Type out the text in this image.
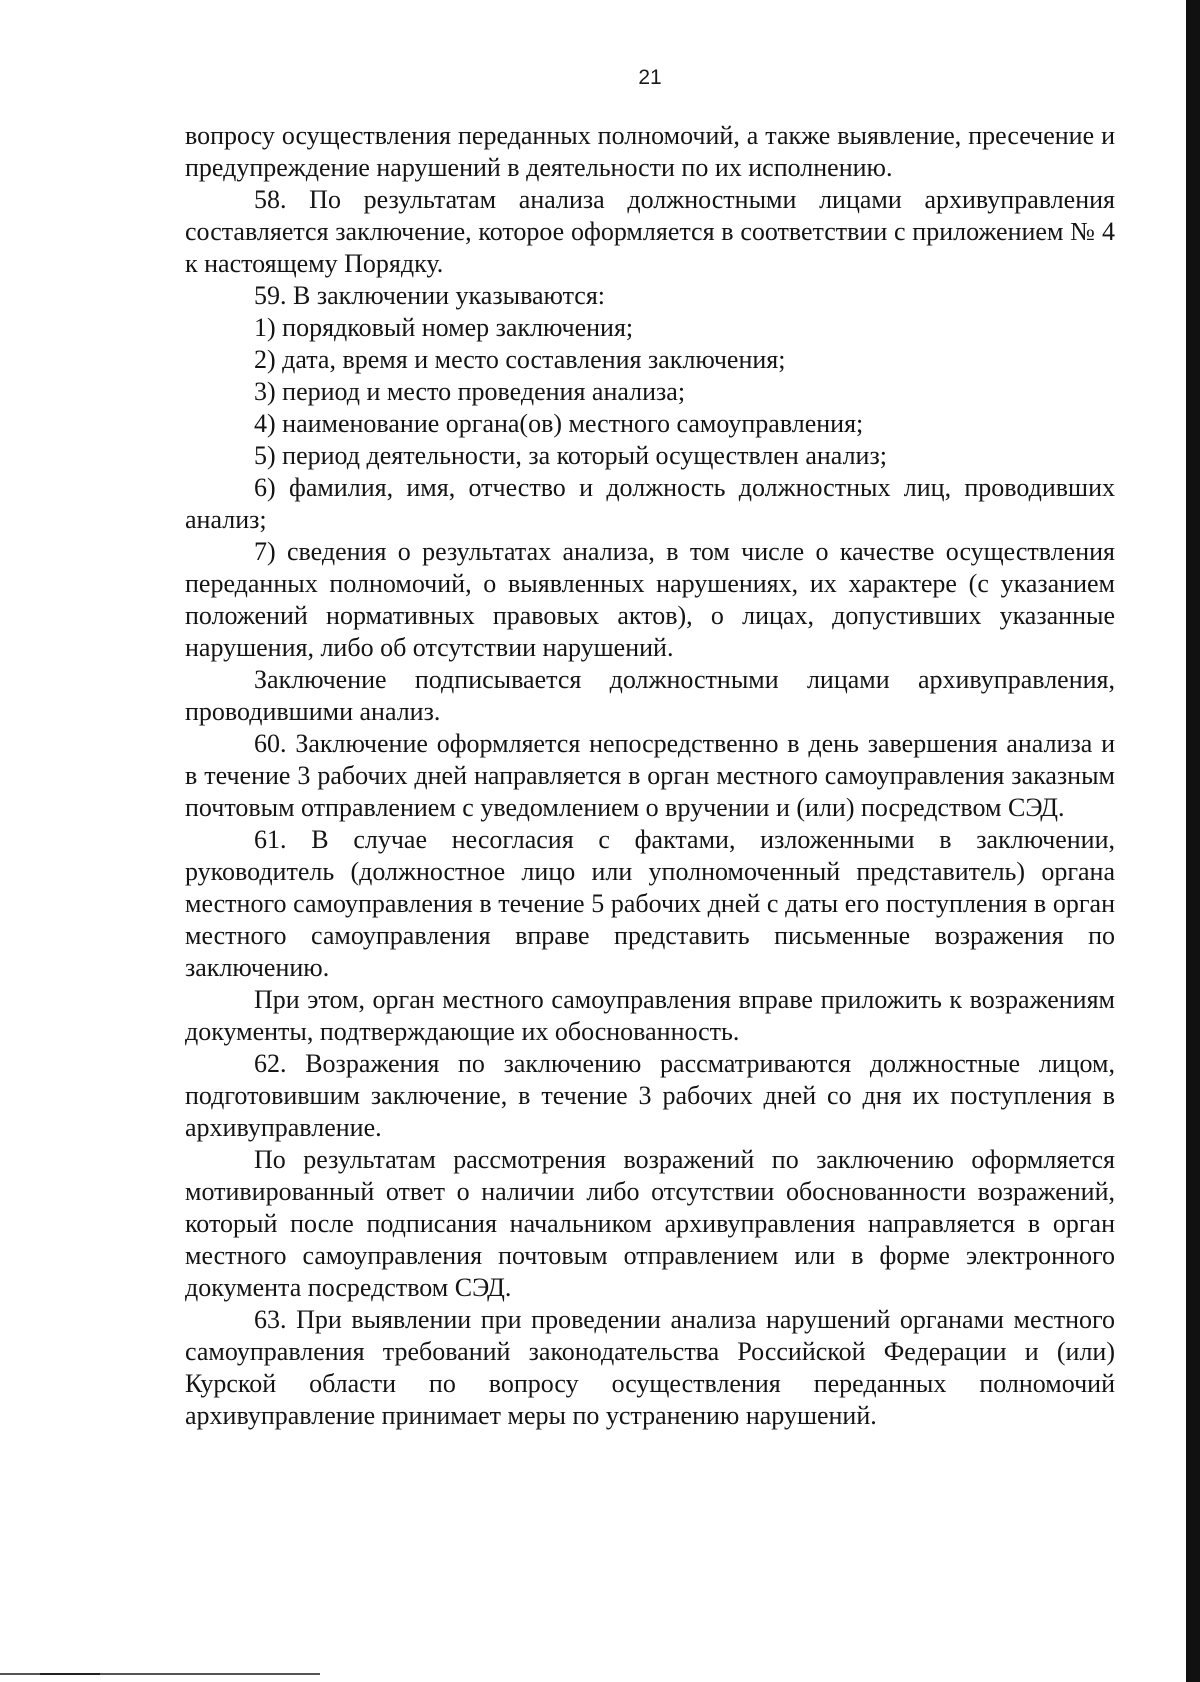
21

вопросу осуществления переданных полномочий, а также выявление, пресечение и предупреждение нарушений в деятельности по их исполнению.

58. По результатам анализа должностными лицами архивуправления составляется заключение, которое оформляется в соответствии с приложением № 4 к настоящему Порядку.

59. В заключении указываются:

1) порядковый номер заключения;

2) дата, время и место составления заключения;

3) период и место проведения анализа;

4) наименование органа(ов) местного самоуправления;

5) период деятельности, за который осуществлен анализ;

6) фамилия, имя, отчество и должность должностных лиц, проводивших анализ;

7) сведения о результатах анализа, в том числе о качестве осуществления переданных полномочий, о выявленных нарушениях, их характере (с указанием положений нормативных правовых актов), о лицах, допустивших указанные нарушения, либо об отсутствии нарушений.

Заключение подписывается должностными лицами архивуправления, проводившими анализ.

60. Заключение оформляется непосредственно в день завершения анализа и в течение 3 рабочих дней направляется в орган местного самоуправления заказным почтовым отправлением с уведомлением о вручении и (или) посредством СЭД.

61. В случае несогласия с фактами, изложенными в заключении, руководитель (должностное лицо или уполномоченный представитель) органа местного самоуправления в течение 5 рабочих дней с даты его поступления в орган местного самоуправления вправе представить письменные возражения по заключению.

При этом, орган местного самоуправления вправе приложить к возражениям документы, подтверждающие их обоснованность.

62. Возражения по заключению рассматриваются должностные лицом, подготовившим заключение, в течение 3 рабочих дней со дня их поступления в архивуправление.

По результатам рассмотрения возражений по заключению оформляется мотивированный ответ о наличии либо отсутствии обоснованности возражений, который после подписания начальником архивуправления направляется в орган местного самоуправления почтовым отправлением или в форме электронного документа посредством СЭД.

63. При выявлении при проведении анализа нарушений органами местного самоуправления требований законодательства Российской Федерации и (или) Курской области по вопросу осуществления переданных полномочий архивуправление принимает меры по устранению нарушений.
